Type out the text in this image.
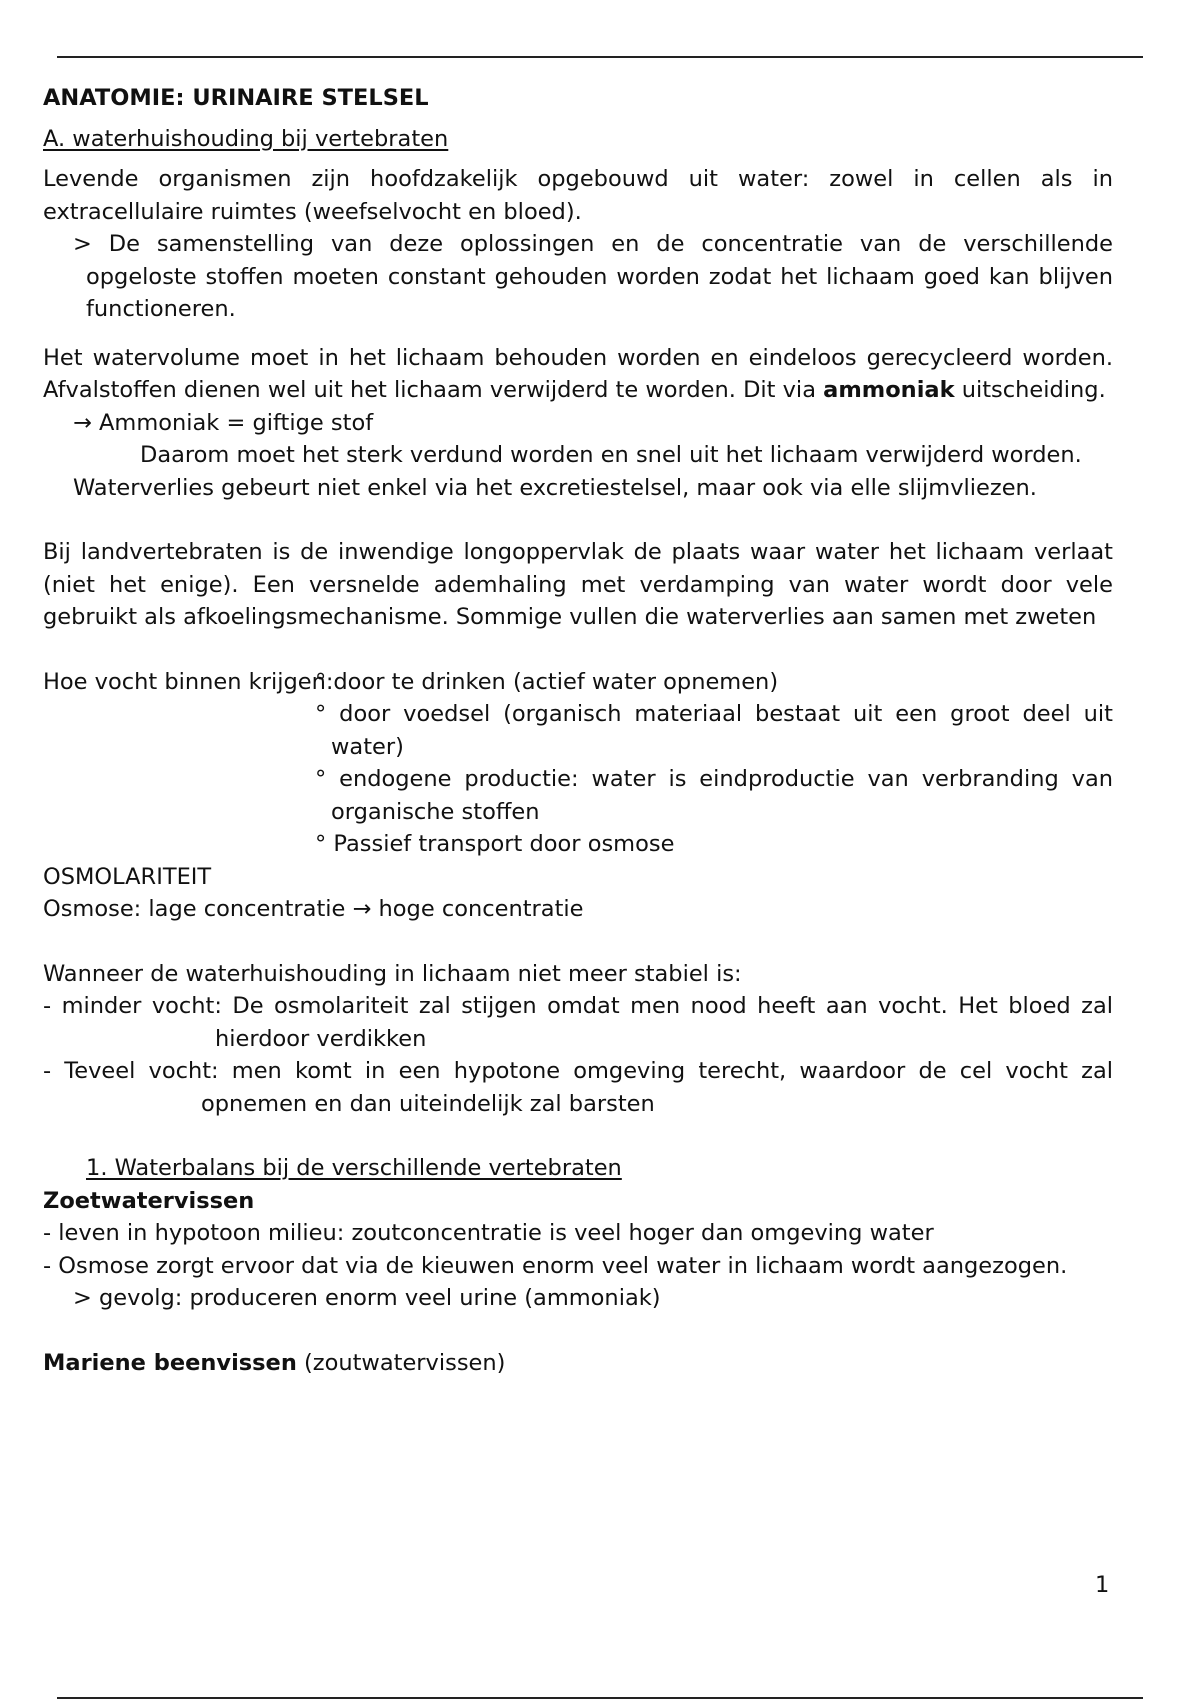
ANATOMIE: URINAIRE STELSEL

A. waterhuishouding bij vertebraten

Levende organismen zijn hoofdzakelijk opgebouwd uit water: zowel in cellen als in extracellulaire ruimtes (weefselvocht en bloed).

> De samenstelling van deze oplossingen en de concentratie van de verschillende opgeloste stoffen moeten constant gehouden worden zodat het lichaam goed kan blijven functioneren.

Het watervolume moet in het lichaam behouden worden en eindeloos gerecycleerd worden. Afvalstoffen dienen wel uit het lichaam verwijderd te worden. Dit via ammoniak uitscheiding.

→ Ammoniak = giftige stof

Daarom moet het sterk verdund worden en snel uit het lichaam verwijderd worden.

Waterverlies gebeurt niet enkel via het excretiestelsel, maar ook via elle slijmvliezen.

Bij landvertebraten is de inwendige longoppervlak de plaats waar water het lichaam verlaat (niet het enige). Een versnelde ademhaling met verdamping van water wordt door vele gebruikt als afkoelingsmechanisme. Sommige vullen die waterverlies aan samen met zweten

Hoe vocht binnen krijgen:

° door te drinken (actief water opnemen)

° door voedsel (organisch materiaal bestaat uit een groot deel uit water)

° endogene productie: water is eindproductie van verbranding van organische stoffen

° Passief transport door osmose

OSMOLARITEIT

Osmose: lage concentratie → hoge concentratie

Wanneer de waterhuishouding in lichaam niet meer stabiel is:

- minder vocht: De osmolariteit zal stijgen omdat men nood heeft aan vocht. Het bloed zal hierdoor verdikken

- Teveel vocht: men komt in een hypotone omgeving terecht, waardoor de cel vocht zal opnemen en dan uiteindelijk zal barsten

1. Waterbalans bij de verschillende vertebraten

Zoetwatervissen

- leven in hypotoon milieu: zoutconcentratie is veel hoger dan omgeving water

- Osmose zorgt ervoor dat via de kieuwen enorm veel water in lichaam wordt aangezogen.

> gevolg: produceren enorm veel urine (ammoniak)

Mariene beenvissen (zoutwatervissen)

1
